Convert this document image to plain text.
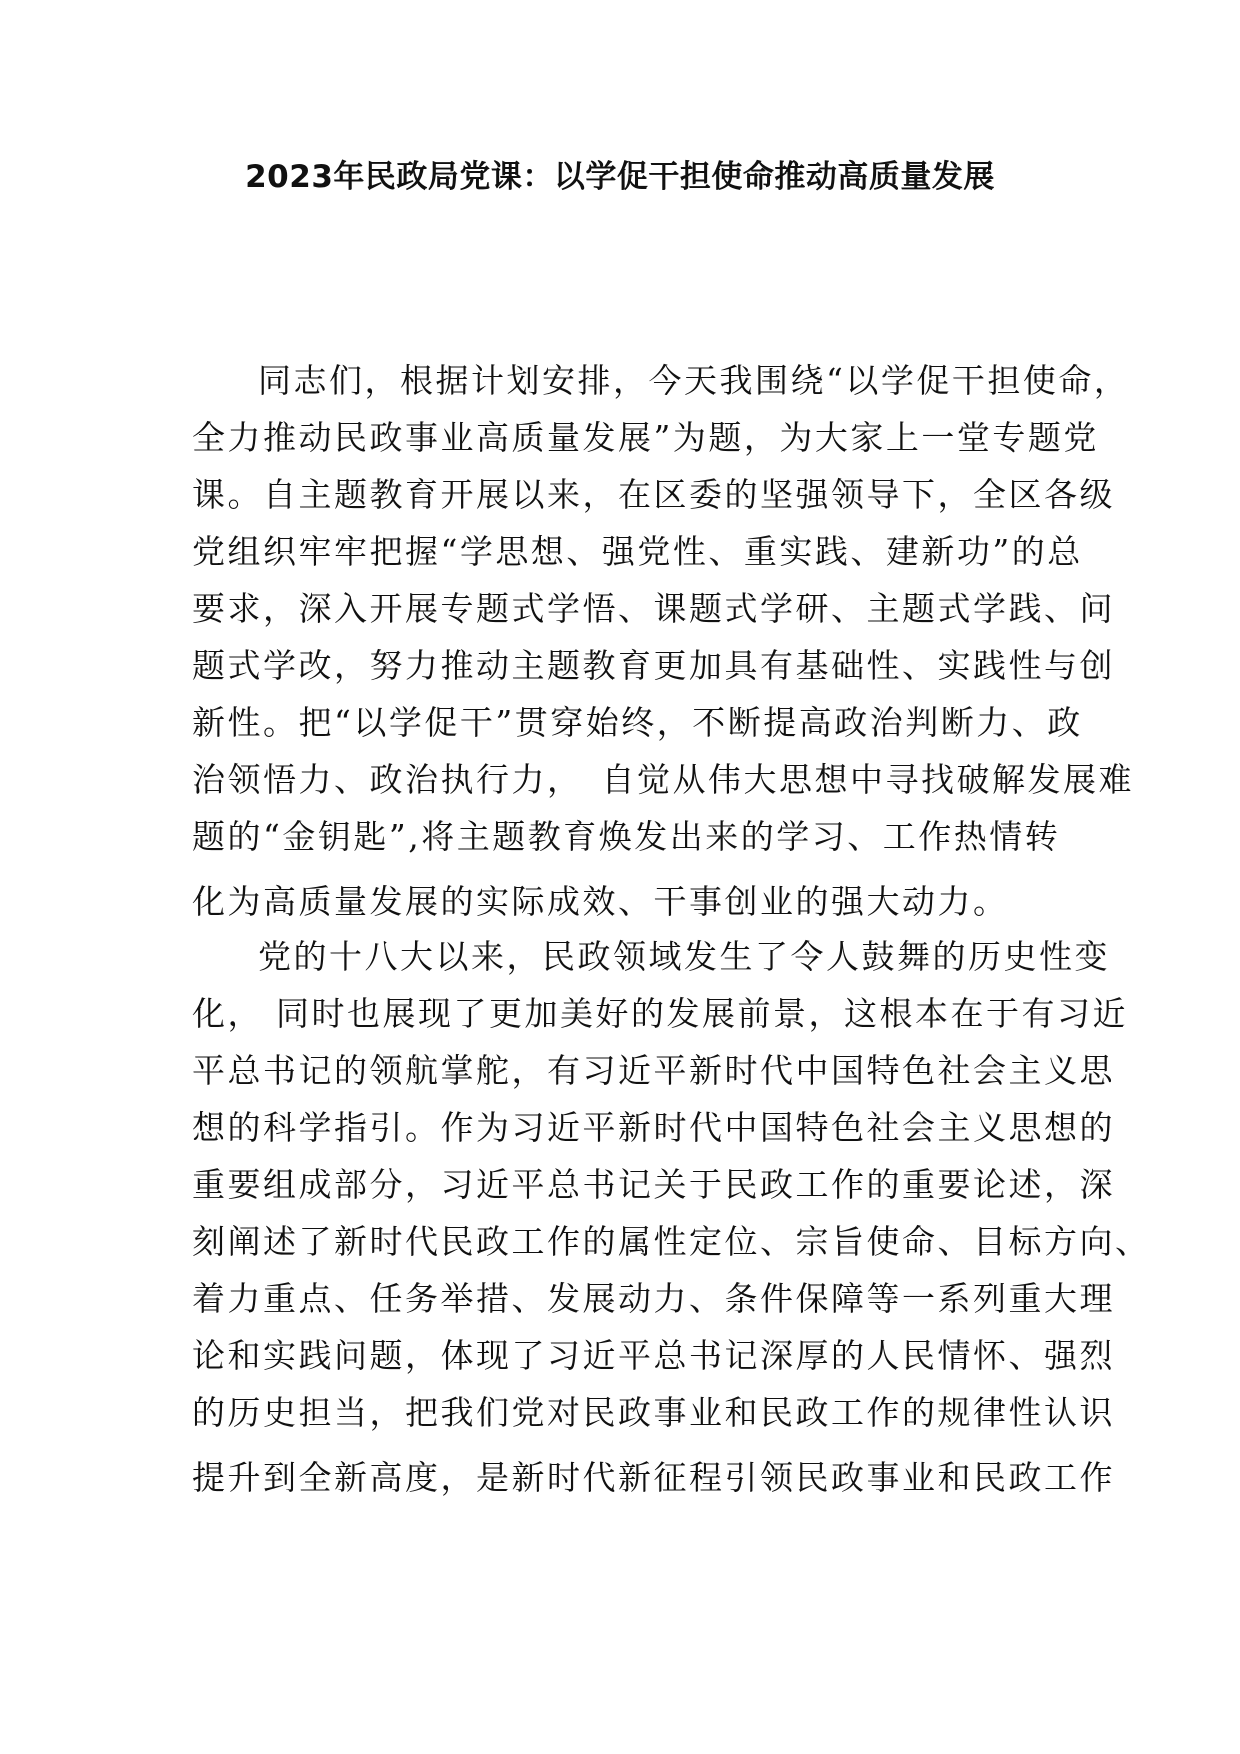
2023年民政局党课：以学促干担使命推动高质量发展
同志们，根据计划安排，今天我围绕“以学促干担使命，
全力推动民政事业高质量发展”为题，为大家上一堂专题党
课。自主题教育开展以来，在区委的坚强领导下，全区各级
党组织牢牢把握“学思想、强党性、重实践、建新功”的总
要求，深入开展专题式学悟、课题式学研、主题式学践、问
题式学改，努力推动主题教育更加具有基础性、实践性与创
新性。把“以学促干”贯穿始终，不断提高政治判断力、政
治领悟力、政治执行力，　自觉从伟大思想中寻找破解发展难
题的“金钥匙”,将主题教育焕发出来的学习、工作热情转
化为高质量发展的实际成效、干事创业的强大动力。
党的十八大以来，民政领域发生了令人鼓舞的历史性变
化， 同时也展现了更加美好的发展前景，这根本在于有习近
平总书记的领航掌舵，有习近平新时代中国特色社会主义思
想的科学指引。作为习近平新时代中国特色社会主义思想的
重要组成部分，习近平总书记关于民政工作的重要论述，深
刻阐述了新时代民政工作的属性定位、宗旨使命、目标方向、
着力重点、任务举措、发展动力、条件保障等一系列重大理
论和实践问题，体现了习近平总书记深厚的人民情怀、强烈
的历史担当，把我们党对民政事业和民政工作的规律性认识
提升到全新高度，是新时代新征程引领民政事业和民政工作
